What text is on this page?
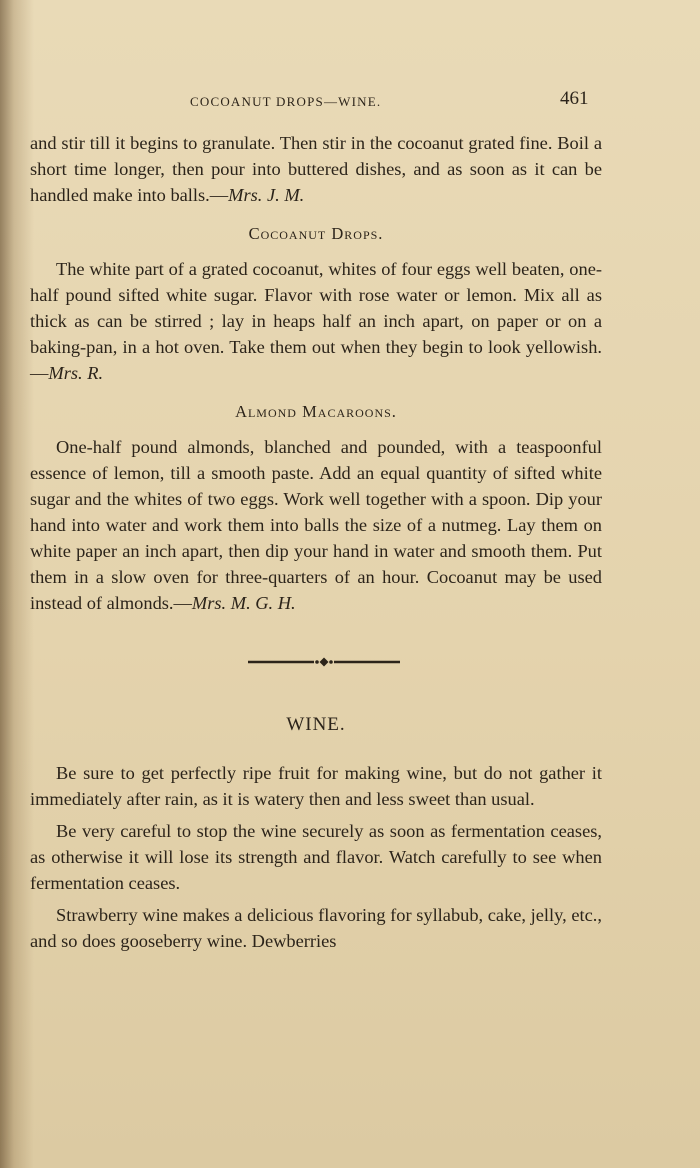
COCOANUT DROPS—WINE.	461

and stir till it begins to granulate. Then stir in the cocoanut grated fine. Boil a short time longer, then pour into buttered dishes, and as soon as it can be handled make into balls.—Mrs. J. M.

Cocoanut Drops.

The white part of a grated cocoanut, whites of four eggs well beaten, one-half pound sifted white sugar. Flavor with rose water or lemon. Mix all as thick as can be stirred ; lay in heaps half an inch apart, on paper or on a baking-pan, in a hot oven. Take them out when they begin to look yellowish.—Mrs. R.

Almond Macaroons.

One-half pound almonds, blanched and pounded, with a teaspoonful essence of lemon, till a smooth paste. Add an equal quantity of sifted white sugar and the whites of two eggs. Work well together with a spoon. Dip your hand into water and work them into balls the size of a nutmeg. Lay them on white paper an inch apart, then dip your hand in water and smooth them. Put them in a slow oven for three-quarters of an hour. Cocoanut may be used instead of almonds.—Mrs. M. G. H.

WINE.

Be sure to get perfectly ripe fruit for making wine, but do not gather it immediately after rain, as it is watery then and less sweet than usual.

Be very careful to stop the wine securely as soon as fermentation ceases, as otherwise it will lose its strength and flavor. Watch carefully to see when fermentation ceases.

Strawberry wine makes a delicious flavoring for syllabub, cake, jelly, etc., and so does gooseberry wine. Dewberries
